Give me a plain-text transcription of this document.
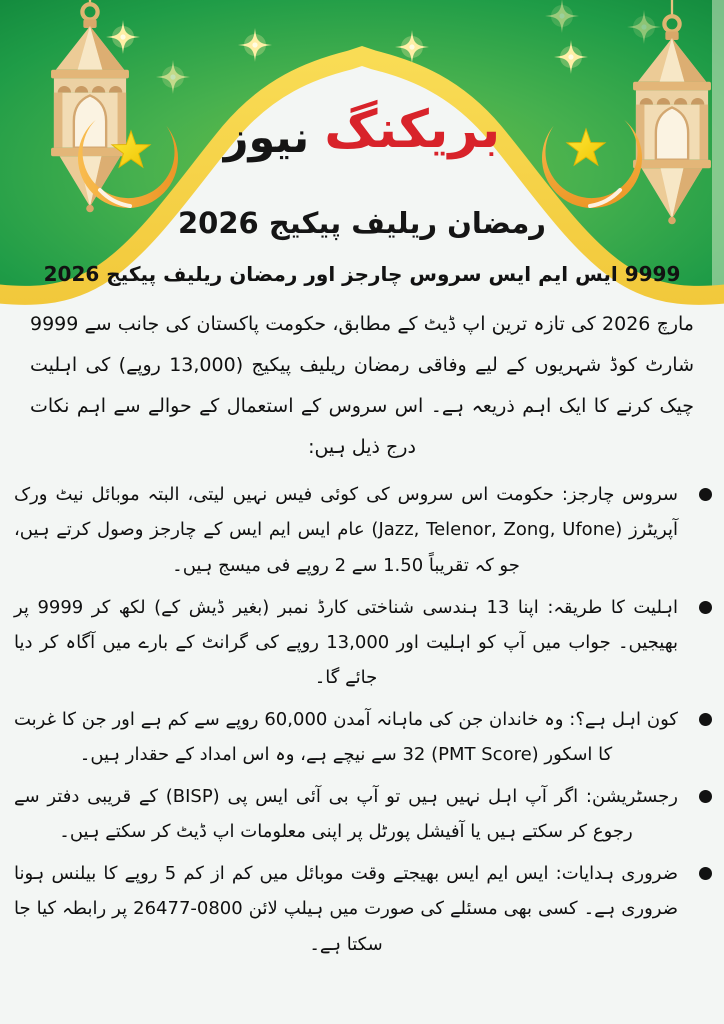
بریکنگ نیوز
رمضان ریلیف پیکیج 2026
9999 ایس ایم ایس سروس چارجز اور رمضان ریلیف پیکیج 2026

مارچ 2026 کی تازہ ترین اپ ڈیٹ کے مطابق، حکومت پاکستان کی جانب سے 9999 شارٹ کوڈ شہریوں کے لیے وفاقی رمضان ریلیف پیکیج (13,000 روپے) کی اہلیت چیک کرنے کا ایک اہم ذریعہ ہے۔ اس سروس کے استعمال کے حوالے سے اہم نکات درج ذیل ہیں:

سروس چارجز: حکومت اس سروس کی کوئی فیس نہیں لیتی، البتہ موبائل نیٹ ورک آپریٹرز (Jazz, Telenor, Zong, Ufone) عام ایس ایم ایس کے چارجز وصول کرتے ہیں، جو کہ تقریباً 1.50 سے 2 روپے فی میسج ہیں۔
اہلیت کا طریقہ: اپنا 13 ہندسی شناختی کارڈ نمبر (بغیر ڈیش کے) لکھ کر 9999 پر بھیجیں۔ جواب میں آپ کو اہلیت اور 13,000 روپے کی گرانٹ کے بارے میں آگاہ کر دیا جائے گا۔
کون اہل ہے؟: وہ خاندان جن کی ماہانہ آمدن 60,000 روپے سے کم ہے اور جن کا غربت کا اسکور (PMT Score) 32 سے نیچے ہے، وہ اس امداد کے حقدار ہیں۔
رجسٹریشن: اگر آپ اہل نہیں ہیں تو آپ بی آئی ایس پی (BISP) کے قریبی دفتر سے رجوع کر سکتے ہیں یا آفیشل پورٹل پر اپنی معلومات اپ ڈیٹ کر سکتے ہیں۔
ضروری ہدایات: ایس ایم ایس بھیجتے وقت موبائل میں کم از کم 5 روپے کا بیلنس ہونا ضروری ہے۔ کسی بھی مسئلے کی صورت میں ہیلپ لائن 0800-26477 پر رابطہ کیا جا سکتا ہے۔
